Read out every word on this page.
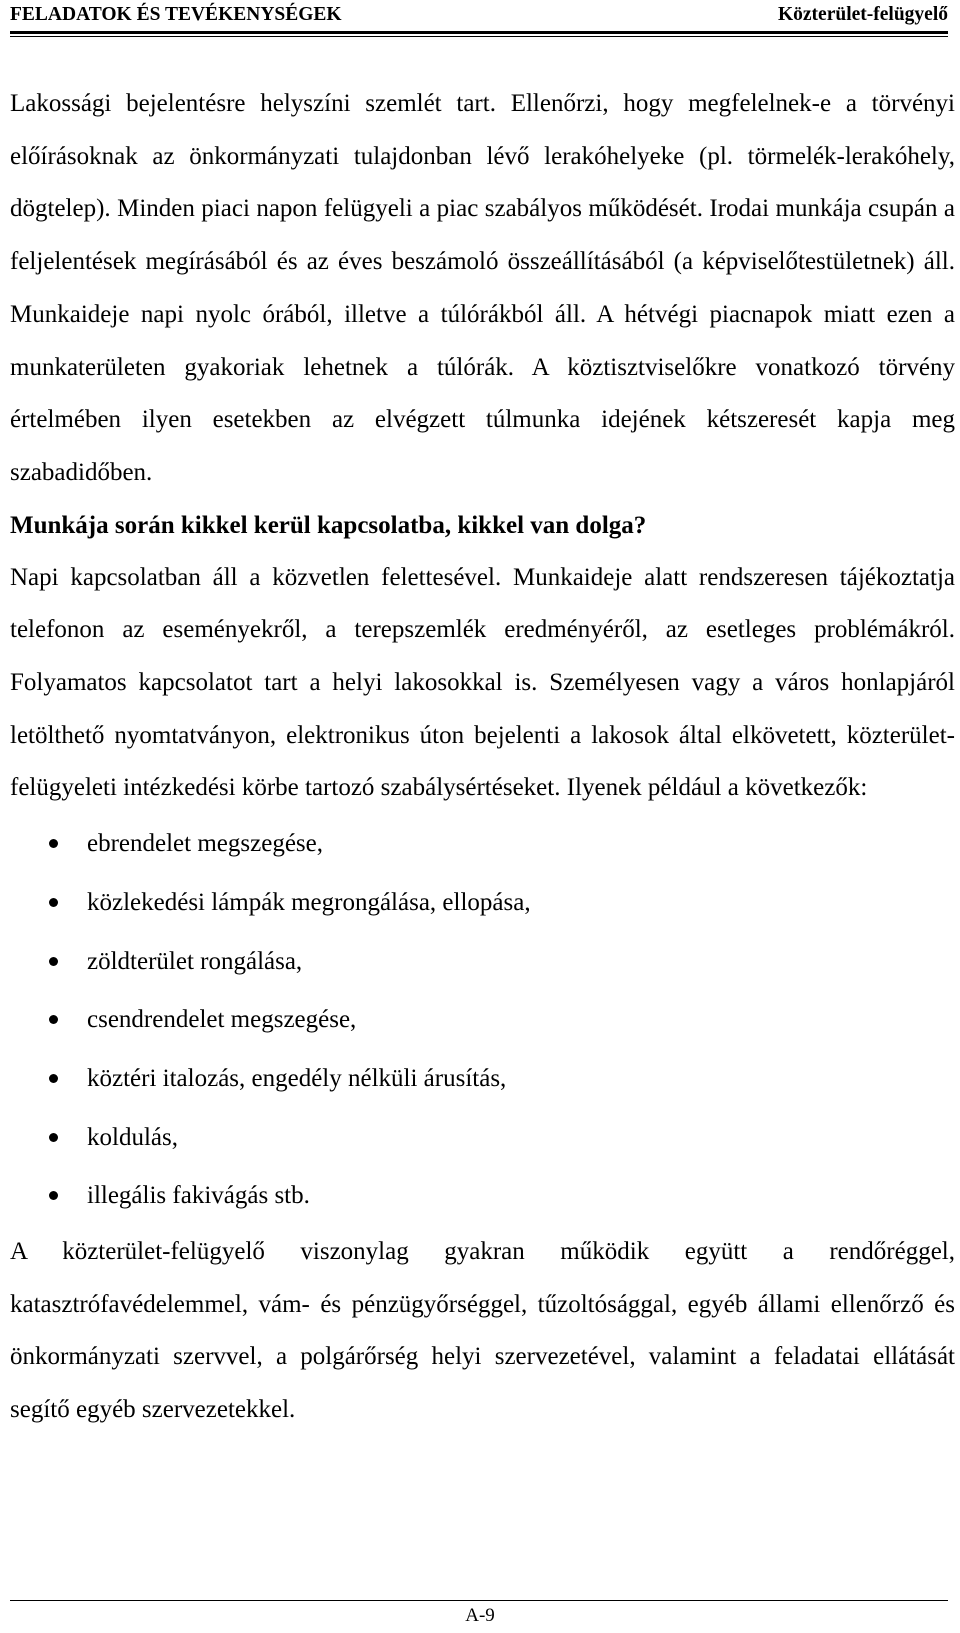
FELADATOK ÉS TEVÉKENYSÉGEK	Közterület-felügyelő

Lakossági bejelentésre helyszíni szemlét tart. Ellenőrzi, hogy megfelelnek-e a törvényi előírásoknak az önkormányzati tulajdonban lévő lerakóhelyeke (pl. törmelék-lerakóhely, dögtelep). Minden piaci napon felügyeli a piac szabályos működését. Irodai munkája csupán a feljelentések megírásából és az éves beszámoló összeállításából (a képviselőtestületnek) áll. Munkaideje napi nyolc órából, illetve a túlórákból áll. A hétvégi piacnapok miatt ezen a munkaterületen gyakoriak lehetnek a túlórák. A köztisztviselőkre vonatkozó törvény értelmében ilyen esetekben az elvégzett túlmunka idejének kétszeresét kapja meg szabadidőben.

Munkája során kikkel kerül kapcsolatba, kikkel van dolga?

Napi kapcsolatban áll a közvetlen felettesével. Munkaideje alatt rendszeresen tájékoztatja telefonon az eseményekről, a terepszemlék eredményéről, az esetleges problémákról. Folyamatos kapcsolatot tart a helyi lakosokkal is. Személyesen vagy a város honlapjáról letölthető nyomtatványon, elektronikus úton bejelenti a lakosok által elkövetett, közterület-felügyeleti intézkedési körbe tartozó szabálysértéseket. Ilyenek például a következők:

ebrendelet megszegése,
közlekedési lámpák megrongálása, ellopása,
zöldterület rongálása,
csendrendelet megszegése,
köztéri italozás, engedély nélküli árusítás,
koldulás,
illegális fakivágás stb.

A közterület-felügyelő viszonylag gyakran működik együtt a rendőréggel, katasztrófavédelemmel, vám- és pénzügyőrséggel, tűzoltósággal, egyéb állami ellenőrző és önkormányzati szervvel, a polgárőrség helyi szervezetével, valamint a feladatai ellátását segítő egyéb szervezetekkel.

A-9
